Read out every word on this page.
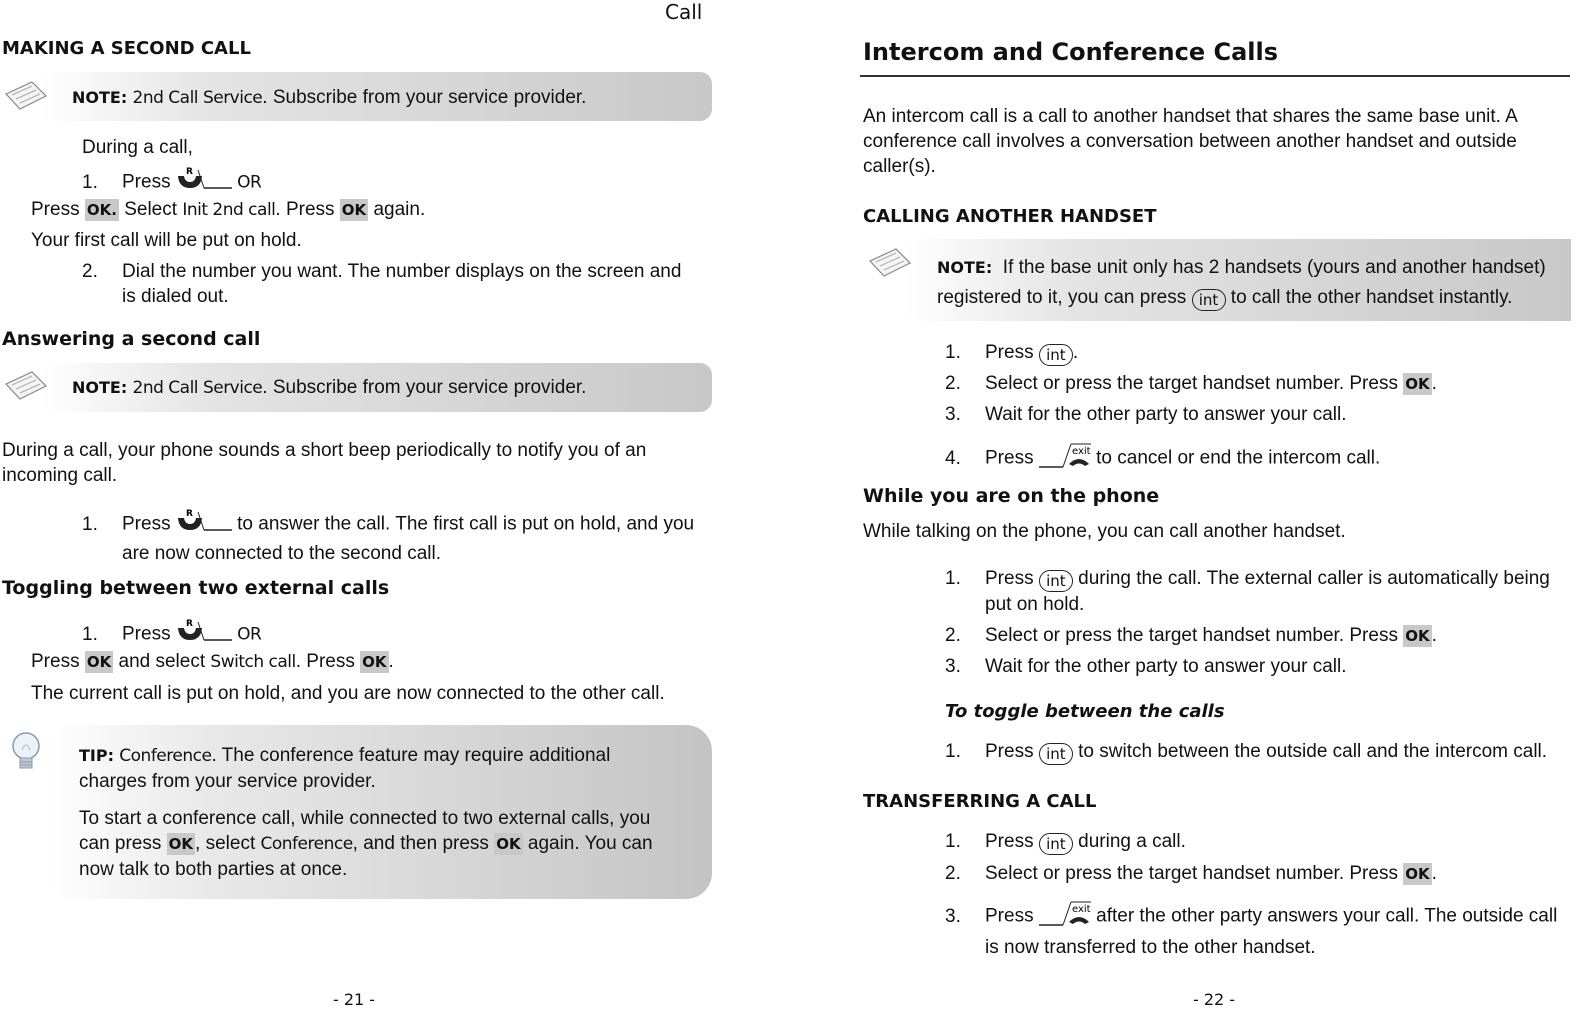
Call
MAKING A SECOND CALL
NOTE: 2nd Call Service. Subscribe from your service provider.
During a call,
1. Press R
OR
Press OK. Select Init 2nd call. Press OK again.
Your first call will be put on hold.
2. Dial the number you want. The number displays on the screen and
is dialed out.
Answering a second call
NOTE: 2nd Call Service. Subscribe from your service provider.
During a call, your phone sounds a short beep periodically to notify you of an
incoming call.
1. Press R to answer the call. The first call is put on hold, and you
are now connected to the second call.
Toggling between two external calls
1. Press R
OR
Press OK and select Switch call. Press OK .
The current call is put on hold, and you are now connected to the other call.
TIP: Conference. The conference feature may require additional
charges from your service provider.
To start a conference call, while connected to two external calls, you
can press OK , select Conference, and then press OK again. You can
now talk to both parties at once.
- 21 -
Intercom and Conference Calls
An intercom call is a call to another handset that shares the same base unit. A
conference call involves a conversation between another handset and outside
caller(s).
CALLING ANOTHER HANDSET
NOTE: If the base unit only has 2 handsets (yours and another handset)
registered to it, you can press int to call the other handset instantly.
1. Press int .
2. Select or press the target handset number. Press OK .
3. Wait for the other party to answer your call.
4. Press	exit to cancel or end the intercom call.
While you are on the phone
While talking on the phone, you can call another handset.
1. Press int during the call. The external caller is automatically being
put on hold.
2. Select or press the target handset number. Press OK .
3. Wait for the other party to answer your call.
To toggle between the calls
1. Press int to switch between the outside call and the intercom call.
TRANSFERRING A CALL
1. Press int during a call.
2. Select or press the target handset number. Press OK .
3. Press	exit after the other party answers your call. The outside call
is now transferred to the other handset.
- 22 -
